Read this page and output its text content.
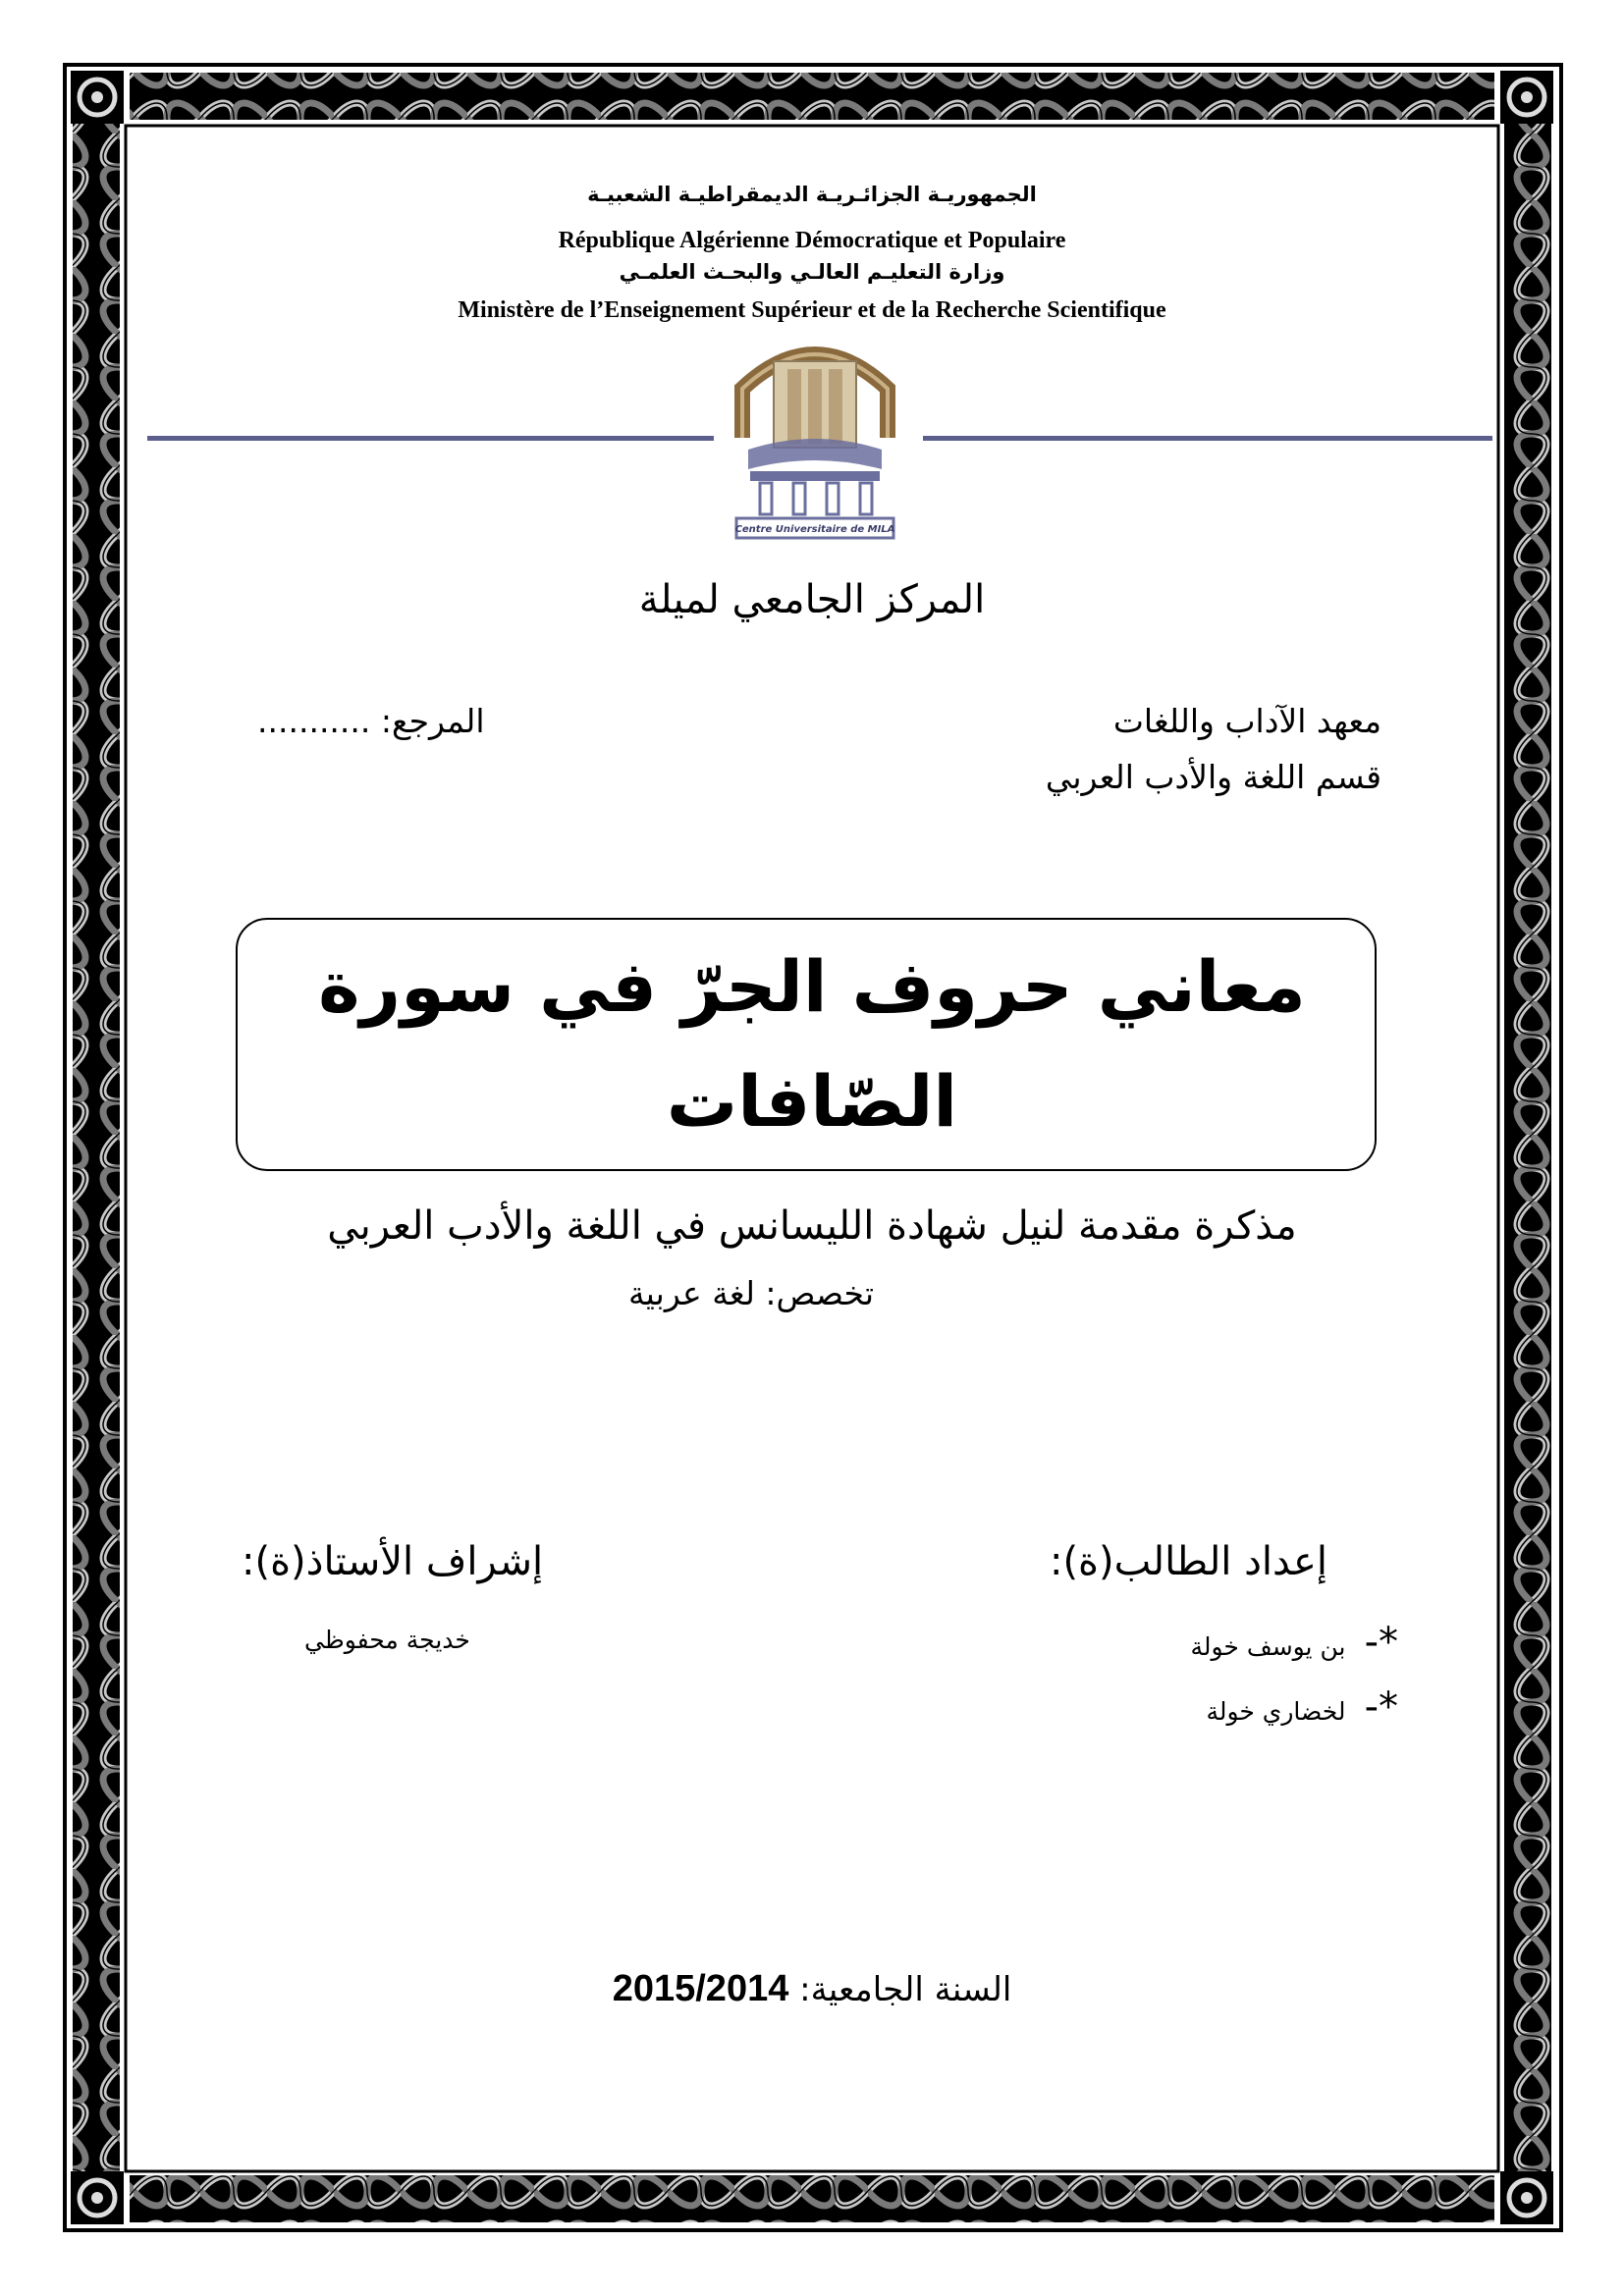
الجمهوريـة الجزائـريـة الديمقراطيـة الشعبيـة
République Algérienne Démocratique et Populaire
وزارة التعليـم العالـي والبحـث العلمـي
Ministère de l’Enseignement Supérieur et de la Recherche Scientifique
Centre Universitaire de MILA
المركز الجامعي لميلة
معهد الآداب واللغات
قسم اللغة والأدب العربي
المرجع: ...........
معاني حروف الجرّ في سورة
الصّافات
مذكرة مقدمة لنيل شهادة الليسانس في اللغة والأدب العربي
تخصص: لغة عربية
إعداد الطالب(ة):
*- بن يوسف خولة
*- لخضاري خولة
إشراف الأستاذ(ة):
خديجة محفوظي
السنة الجامعية: 2015/2014
